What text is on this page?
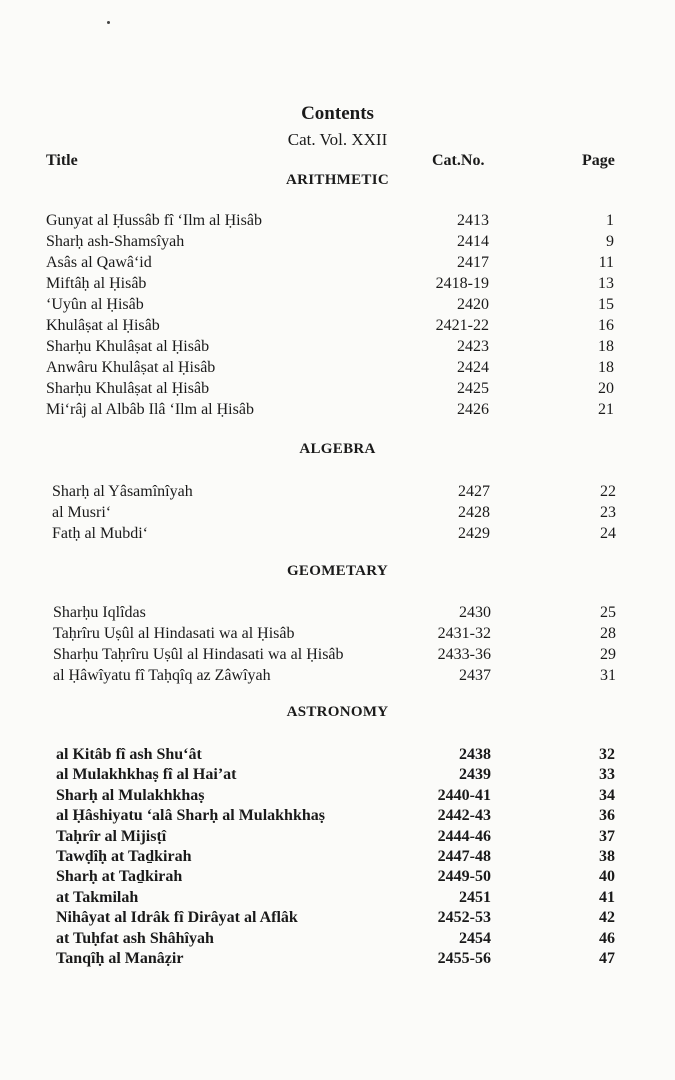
Contents
Cat. Vol. XXII
Title	Cat.No.	Page
ARITHMETIC
Gunyat al Ḥussâb fî ‘Ilm al Ḥisâb	2413	1
Sharḥ ash-Shamsîyah	2414	9
Asâs al Qawâ‘id	2417	11
Miftâḥ al Ḥisâb	2418-19	13
‘Uyûn al Ḥisâb	2420	15
Khulâṣat al Ḥisâb	2421-22	16
Sharḥu Khulâṣat al Ḥisâb	2423	18
Anwâru Khulâṣat al Ḥisâb	2424	18
Sharḥu Khulâṣat al Ḥisâb	2425	20
Mi‘râj al Albâb Ilâ ‘Ilm al Ḥisâb	2426	21
ALGEBRA
Sharḥ al Yâsamînîyah	2427	22
al Musri‘	2428	23
Fatḥ al Mubdi‘	2429	24
GEOMETARY
Sharḥu Iqlîdas	2430	25
Taḥrîru Uṣûl al Hindasati wa al Ḥisâb	2431-32	28
Sharḥu Taḥrîru Uṣûl al Hindasati wa al Ḥisâb	2433-36	29
al Ḥâwîyatu fî Taḥqîq az Zâwîyah	2437	31
ASTRONOMY
al Kitâb fî ash Shu‘ât	2438	32
al Mulakhkhaṣ fî al Hai’at	2439	33
Sharḥ al Mulakhkhaṣ	2440-41	34
al Ḥâshiyatu ‘alâ Sharḥ al Mulakhkhaṣ	2442-43	36
Taḥrîr al Mijisṭî	2444-46	37
Tawḍîḥ at Taḏkirah	2447-48	38
Sharḥ at Taḏkirah	2449-50	40
at Takmilah	2451	41
Nihâyat al Idrâk fî Dirâyat al Aflâk	2452-53	42
at Tuḥfat ash Shâhîyah	2454	46
Tanqîḥ al Manâẓir	2455-56	47
